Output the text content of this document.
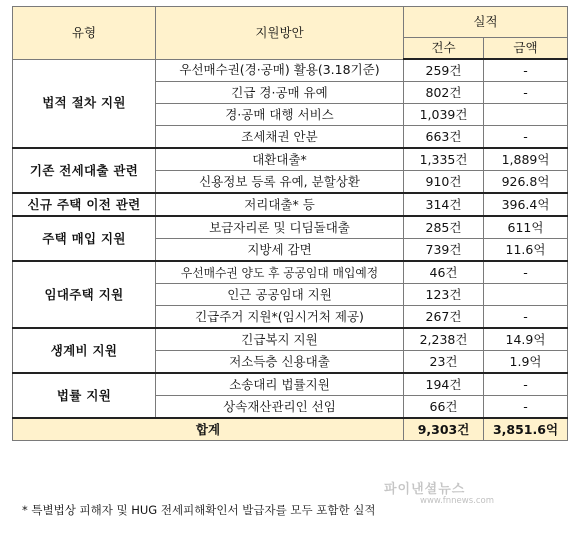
유형	지원방안	실적	
		건수	금액
법적 절차 지원	우선매수권(경·공매) 활용(3.18기준)	259건	-
	긴급 경·공매 유예	802건	-
	경·공매 대행 서비스	1,039건	
	조세채권 안분	663건	-
기존 전세대출 관련	대환대출*	1,335건	1,889억
	신용정보 등록 유예, 분할상환	910건	926.8억
신규 주택 이전 관련	저리대출* 등	314건	396.4억
주택 매입 지원	보금자리론 및 디딤돌대출	285건	611억
	지방세 감면	739건	11.6억
임대주택 지원	우선매수권 양도 후 공공임대 매입예정	46건	-
	인근 공공임대 지원	123건	
	긴급주거 지원*(임시거처 제공)	267건	-
생계비 지원	긴급복지 지원	2,238건	14.9억
	저소득층 신용대출	23건	1.9억
법률 지원	소송대리 법률지원	194건	-
	상속재산관리인 선임	66건	-
합계		9,303건	3,851.6억
* 특별법상 피해자 및 HUG 전세피해확인서 발급자를 모두 포함한 실적
파이낸셜뉴스
www.fnnews.com
